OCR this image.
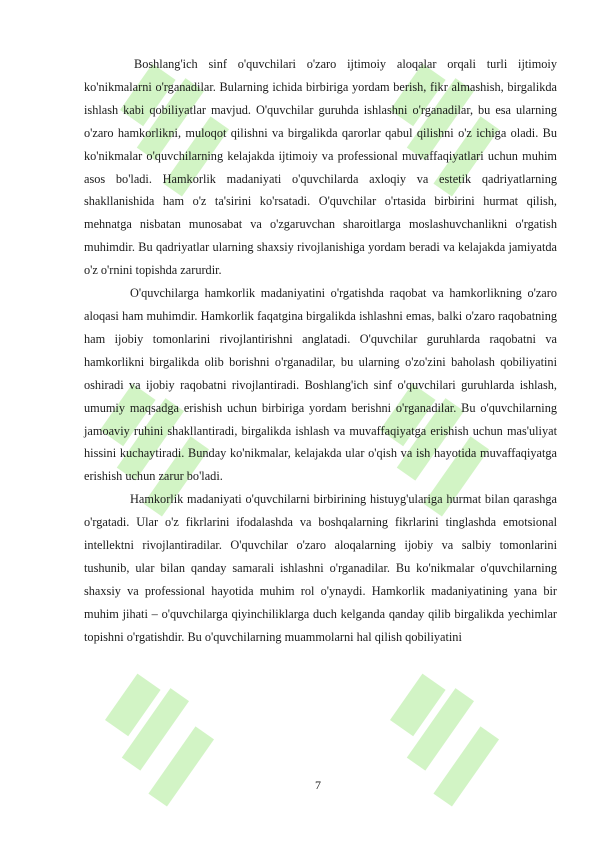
Boshlang'ich sinf o'quvchilari o'zaro ijtimoiy aloqalar orqali turli ijtimoiy ko'nikmalarni o'rganadilar. Bularning ichida birbiriga yordam berish, fikr almashish, birgalikda ishlash kabi qobiliyatlar mavjud. O'quvchilar guruhda ishlashni o'rganadilar, bu esa ularning o'zaro hamkorlikni, muloqot qilishni va birgalikda qarorlar qabul qilishni o'z ichiga oladi. Bu ko'nikmalar o'quvchilarning kelajakda ijtimoiy va professional muvaffaqiyatlari uchun muhim asos bo'ladi. Hamkorlik madaniyati o'quvchilarda axloqiy va estetik qadriyatlarning shakllanishida ham o'z ta'sirini ko'rsatadi. O'quvchilar o'rtasida birbirini hurmat qilish, mehnatga nisbatan munosabat va o'zgaruvchan sharoitlarga moslashuvchanlikni o'rgatish muhimdir. Bu qadriyatlar ularning shaxsiy rivojlanishiga yordam beradi va kelajakda jamiyatda o'z o'rnini topishda zarurdir.

O'quvchilarga hamkorlik madaniyatini o'rgatishda raqobat va hamkorlikning o'zaro aloqasi ham muhimdir. Hamkorlik faqatgina birgalikda ishlashni emas, balki o'zaro raqobatning ham ijobiy tomonlarini rivojlantirishni anglatadi. O'quvchilar guruhlarda raqobatni va hamkorlikni birgalikda olib borishni o'rganadilar, bu ularning o'zo'zini baholash qobiliyatini oshiradi va ijobiy raqobatni rivojlantiradi. Boshlang'ich sinf o'quvchilari guruhlarda ishlash, umumiy maqsadga erishish uchun birbiriga yordam berishni o'rganadilar. Bu o'quvchilarning jamoaviy ruhini shakllantiradi, birgalikda ishlash va muvaffaqiyatga erishish uchun mas'uliyat hissini kuchaytiradi. Bunday ko'nikmalar, kelajakda ular o'qish va ish hayotida muvaffaqiyatga erishish uchun zarur bo'ladi.

Hamkorlik madaniyati o'quvchilarni birbirining histuyg'ulariga hurmat bilan qarashga o'rgatadi. Ular o'z fikrlarini ifodalashda va boshqalarning fikrlarini tinglashda emotsional intellektni rivojlantiradilar. O'quvchilar o'zaro aloqalarning ijobiy va salbiy tomonlarini tushunib, ular bilan qanday samarali ishlashni o'rganadilar. Bu ko'nikmalar o'quvchilarning shaxsiy va professional hayotida muhim rol o'ynaydi. Hamkorlik madaniyatining yana bir muhim jihati – o'quvchilarga qiyinchiliklarga duch kelganda qanday qilib birgalikda yechimlar topishni o'rgatishdir. Bu o'quvchilarning muammolarni hal qilish qobiliyatini

7
